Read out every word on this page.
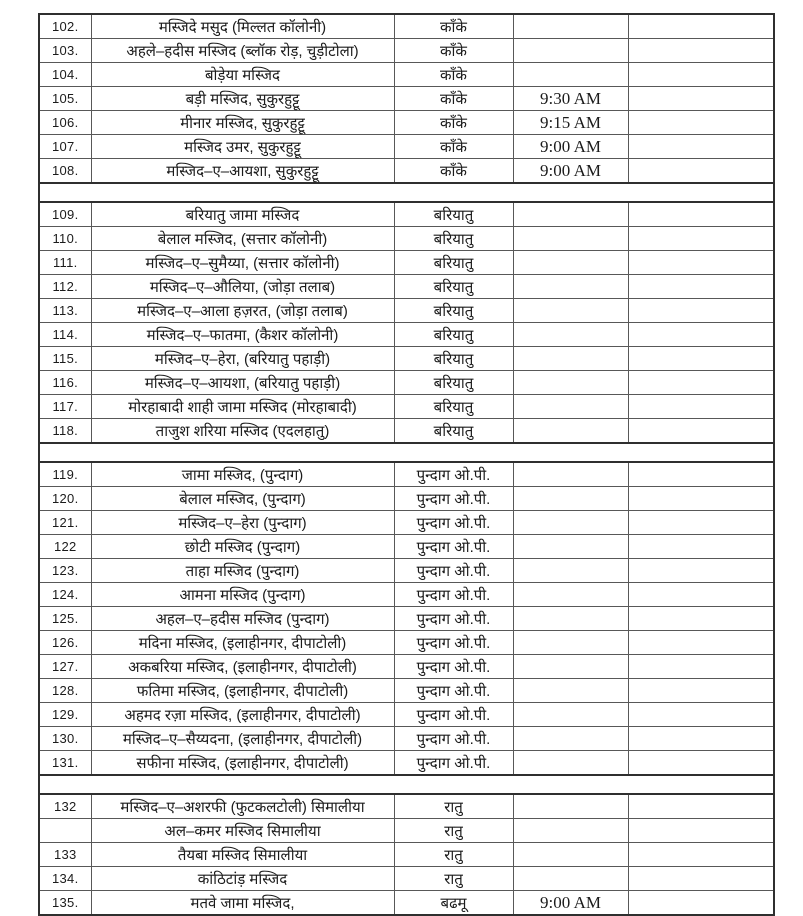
102.	मस्जिदे मसुद (मिल्लत कॉलोनी)	काँके		
103.	अहले–हदीस मस्जिद (ब्लॉक रोड़, चुड़ीटोला)	काँके		
104.	बोड़ेया मस्जिद	काँके		
105.	बड़ी मस्जिद, सुकुरहुट्टू	काँके	9:30 AM	
106.	मीनार मस्जिद, सुकुरहुट्टू	काँके	9:15 AM	
107.	मस्जिद उमर, सुकुरहुट्टू	काँके	9:00 AM	
108.	मस्जिद–ए–आयशा, सुकुरहुट्टू	काँके	9:00 AM	

109.	बरियातु जामा मस्जिद	बरियातु		
110.	बेलाल मस्जिद, (सत्तार कॉलोनी)	बरियातु		
111.	मस्जिद–ए–सुमैय्या, (सत्तार कॉलोनी)	बरियातु		
112.	मस्जिद–ए–औलिया, (जोड़ा तलाब)	बरियातु		
113.	मस्जिद–ए–आला हज़रत, (जोड़ा तलाब)	बरियातु		
114.	मस्जिद–ए–फातमा, (कैशर कॉलोनी)	बरियातु		
115.	मस्जिद–ए–हेरा, (बरियातु पहाड़ी)	बरियातु		
116.	मस्जिद–ए–आयशा, (बरियातु पहाड़ी)	बरियातु		
117.	मोरहाबादी शाही जामा मस्जिद (मोरहाबादी)	बरियातु		
118.	ताजुश शरिया मस्जिद (एदलहातु)	बरियातु		

119.	जामा मस्जिद, (पुन्दाग)	पुन्दाग ओ.पी.		
120.	बेलाल मस्जिद, (पुन्दाग)	पुन्दाग ओ.पी.		
121.	मस्जिद–ए–हेरा (पुन्दाग)	पुन्दाग ओ.पी.		
122	छोटी मस्जिद (पुन्दाग)	पुन्दाग ओ.पी.		
123.	ताहा मस्जिद (पुन्दाग)	पुन्दाग ओ.पी.		
124.	आमना मस्जिद (पुन्दाग)	पुन्दाग ओ.पी.		
125.	अहल–ए–हदीस मस्जिद (पुन्दाग)	पुन्दाग ओ.पी.		
126.	मदिना मस्जिद, (इलाहीनगर, दीपाटोली)	पुन्दाग ओ.पी.		
127.	अकबरिया मस्जिद, (इलाहीनगर, दीपाटोली)	पुन्दाग ओ.पी.		
128.	फतिमा मस्जिद, (इलाहीनगर, दीपाटोली)	पुन्दाग ओ.पी.		
129.	अहमद रज़ा मस्जिद, (इलाहीनगर, दीपाटोली)	पुन्दाग ओ.पी.		
130.	मस्जिद–ए–सैय्यदना, (इलाहीनगर, दीपाटोली)	पुन्दाग ओ.पी.		
131.	सफीना मस्जिद, (इलाहीनगर, दीपाटोली)	पुन्दाग ओ.पी.		

132	मस्जिद–ए–अशरफी (फुटकलटोली) सिमालीया	रातु		
	अल–कमर मस्जिद सिमालीया	रातु		
133	तैयबा मस्जिद सिमालीया	रातु		
134.	कांठिटांड़ मस्जिद	रातु		
135.	मतवे जामा मस्जिद,	बढमू	9:00 AM	
